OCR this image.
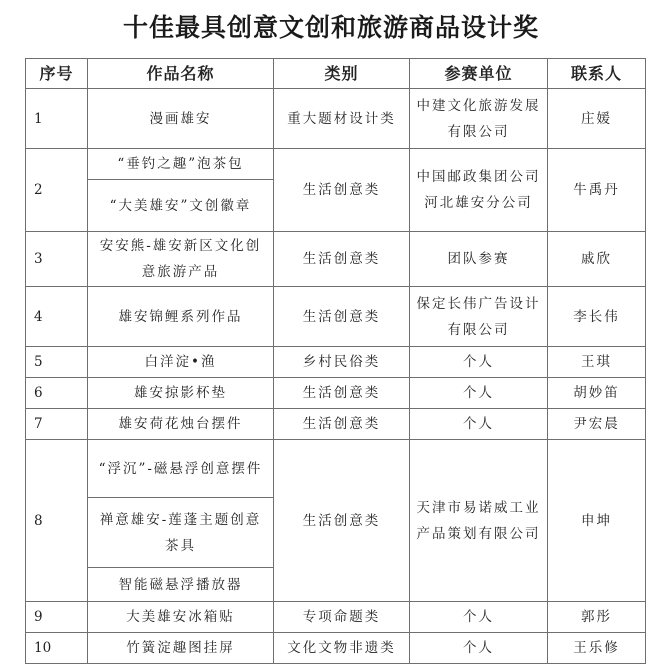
十佳最具创意文创和旅游商品设计奖
序号	作品名称	类别	参赛单位	联系人
1	漫画雄安	重大题材设计类	中建文化旅游发展有限公司	庄媛
2	“垂钓之趣”泡茶包	生活创意类	中国邮政集团公司河北雄安分公司	牛禹丹
	“大美雄安”文创徽章			
3	安安熊-雄安新区文化创意旅游产品	生活创意类	团队参赛	戚欣
4	雄安锦鲤系列作品	生活创意类	保定长伟广告设计有限公司	李长伟
5	白洋淀•渔	乡村民俗类	个人	王琪
6	雄安掠影杯垫	生活创意类	个人	胡妙笛
7	雄安荷花烛台摆件	生活创意类	个人	尹宏晨
8	“浮沉”-磁悬浮创意摆件	生活创意类	天津市易诺威工业产品策划有限公司	申坤
	禅意雄安-莲蓬主题创意茶具			
	智能磁悬浮播放器			
9	大美雄安冰箱贴	专项命题类	个人	郭彤
10	竹簧淀趣图挂屏	文化文物非遗类	个人	王乐修
